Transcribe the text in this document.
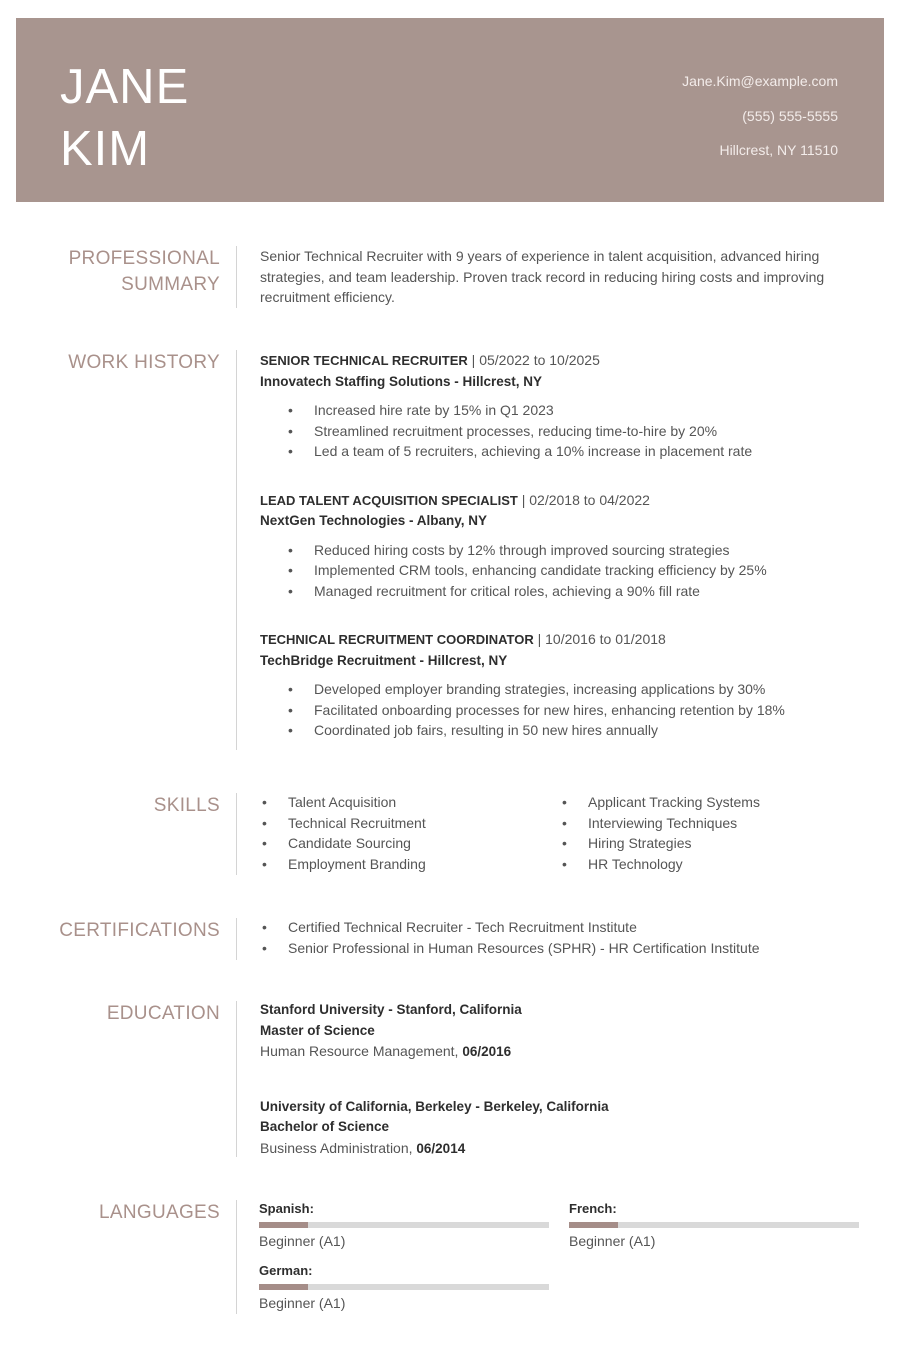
JANE
KIM
Jane.Kim@example.com
(555) 555-5555
Hillcrest, NY 11510
PROFESSIONAL
SUMMARY
Senior Technical Recruiter with 9 years of experience in talent acquisition, advanced hiring strategies, and team leadership. Proven track record in reducing hiring costs and improving recruitment efficiency.
WORK HISTORY	SENIOR TECHNICAL RECRUITER | 05/2022 to 10/2025
Innovatech Staffing Solutions - Hillcrest, NY
• Increased hire rate by 15% in Q1 2023
• Streamlined recruitment processes, reducing time-to-hire by 20%
• Led a team of 5 recruiters, achieving a 10% increase in placement rate
LEAD TALENT ACQUISITION SPECIALIST | 02/2018 to 04/2022
NextGen Technologies - Albany, NY
• Reduced hiring costs by 12% through improved sourcing strategies
• Implemented CRM tools, enhancing candidate tracking efficiency by 25%
• Managed recruitment for critical roles, achieving a 90% fill rate
TECHNICAL RECRUITMENT COORDINATOR | 10/2016 to 01/2018
TechBridge Recruitment - Hillcrest, NY
• Developed employer branding strategies, increasing applications by 30%
• Facilitated onboarding processes for new hires, enhancing retention by 18%
• Coordinated job fairs, resulting in 50 new hires annually
SKILLS	• Talent Acquisition
• Technical Recruitment
• Candidate Sourcing
• Employment Branding
• Applicant Tracking Systems
• Interviewing Techniques
• Hiring Strategies
• HR Technology
CERTIFICATIONS	• Certified Technical Recruiter - Tech Recruitment Institute
• Senior Professional in Human Resources (SPHR) - HR Certification Institute
EDUCATION	Stanford University - Stanford, California
Master of Science
Human Resource Management, 06/2016
University of California, Berkeley - Berkeley, California
Bachelor of Science
Business Administration, 06/2014
LANGUAGES	Spanish:
Beginner (A1)
French:
Beginner (A1)
German:
Beginner (A1)
